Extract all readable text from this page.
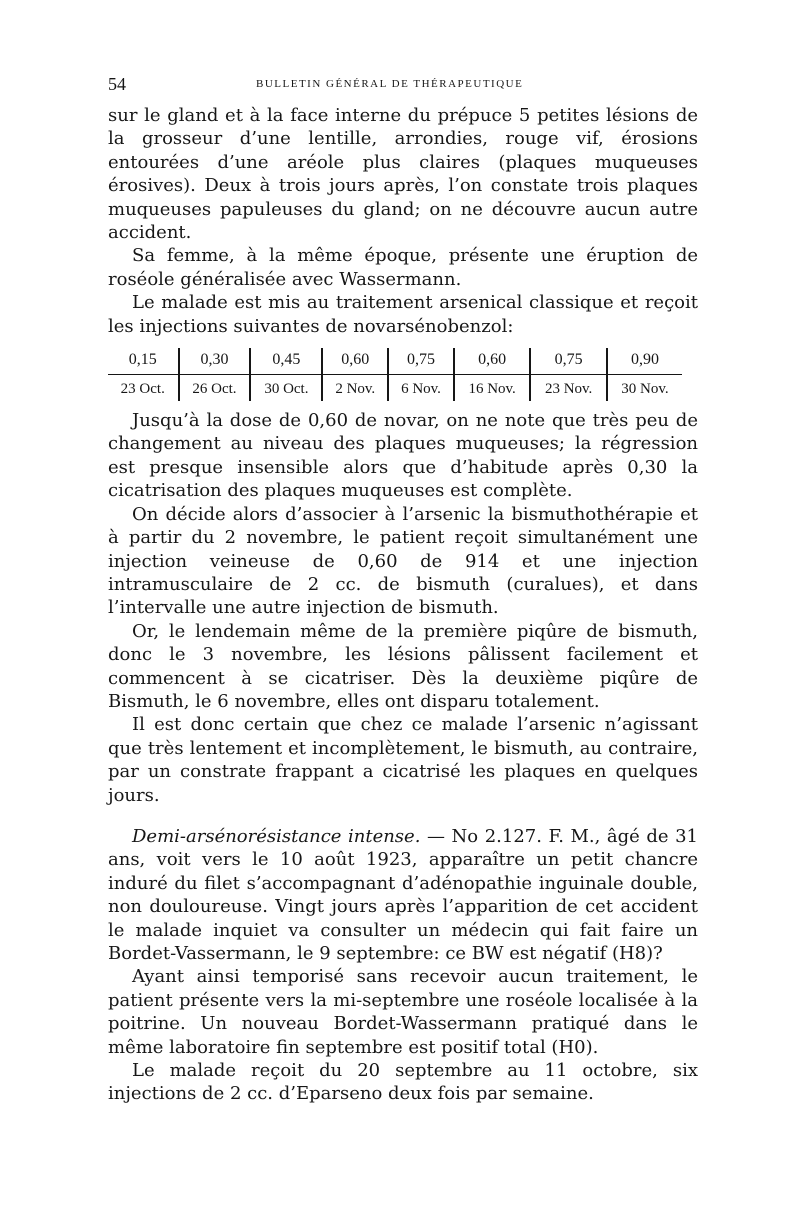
54	BULLETIN GÉNÉRAL DE THÉRAPEUTIQUE

sur le gland et à la face interne du prépuce 5 petites lésions de la grosseur d’une lentille, arrondies, rouge vif, érosions entourées d’une aréole plus claires (plaques muqueuses érosives). Deux à trois jours après, l’on constate trois plaques muqueuses papuleuses du gland; on ne découvre aucun autre accident.

Sa femme, à la même époque, présente une éruption de roséole généralisée avec Wassermann.

Le malade est mis au traitement arsenical classique et reçoit les injections suivantes de novarsénobenzol:

0,15	0,30	0,45	0,60	0,75	0,60	0,75	0,90
23 Oct.	26 Oct.	30 Oct.	2 Nov.	6 Nov.	16 Nov.	23 Nov.	30 Nov.

Jusqu’à la dose de 0,60 de novar, on ne note que très peu de changement au niveau des plaques muqueuses; la régression est presque insensible alors que d’habitude après 0,30 la cicatrisation des plaques muqueuses est complète.

On décide alors d’associer à l’arsenic la bismuthothérapie et à partir du 2 novembre, le patient reçoit simultanément une injection veineuse de 0,60 de 914 et une injection intramusculaire de 2 cc. de bismuth (curalues), et dans l’intervalle une autre injection de bismuth.

Or, le lendemain même de la première piqûre de bismuth, donc le 3 novembre, les lésions pâlissent facilement et commencent à se cicatriser. Dès la deuxième piqûre de Bismuth, le 6 novembre, elles ont disparu totalement.

Il est donc certain que chez ce malade l’arsenic n’agissant que très lentement et incomplètement, le bismuth, au contraire, par un constrate frappant a cicatrisé les plaques en quelques jours.

Demi-arsénorésistance intense. — No 2.127. F. M., âgé de 31 ans, voit vers le 10 août 1923, apparaître un petit chancre induré du filet s’accompagnant d’adénopathie inguinale double, non douloureuse. Vingt jours après l’apparition de cet accident le malade inquiet va consulter un médecin qui fait faire un Bordet-Vassermann, le 9 septembre: ce BW est négatif (H8)?

Ayant ainsi temporisé sans recevoir aucun traitement, le patient présente vers la mi-septembre une roséole localisée à la poitrine. Un nouveau Bordet-Wassermann pratiqué dans le même laboratoire fin septembre est positif total (H0).

Le malade reçoit du 20 septembre au 11 octobre, six injections de 2 cc. d’Eparseno deux fois par semaine.
